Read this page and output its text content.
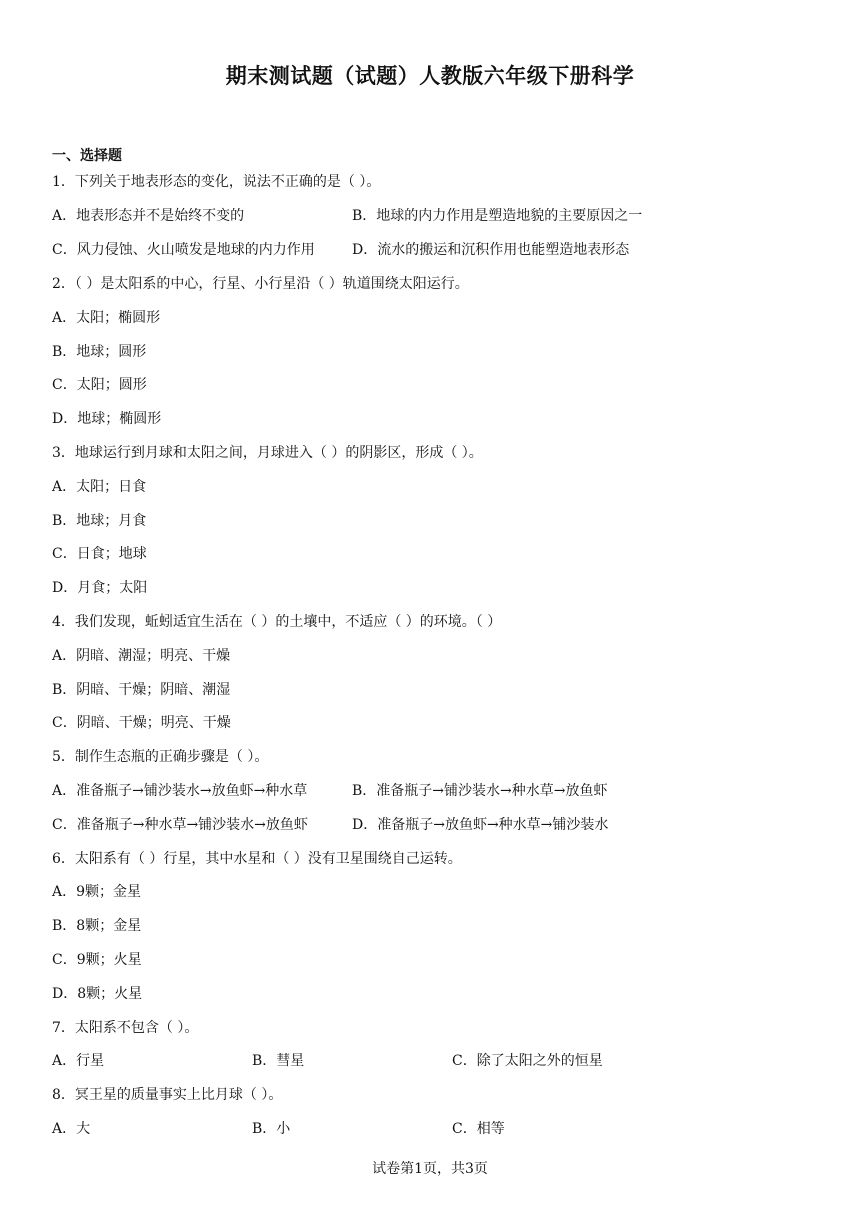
期末测试题（试题）人教版六年级下册科学
一、选择题
1．下列关于地表形态的变化，说法不正确的是（ ）。
A．地表形态并不是始终不变的	B．地球的内力作用是塑造地貌的主要原因之一
C．风力侵蚀、火山喷发是地球的内力作用	D．流水的搬运和沉积作用也能塑造地表形态
2．（ ）是太阳系的中心，行星、小行星沿（ ）轨道围绕太阳运行。
A．太阳；椭圆形
B．地球；圆形
C．太阳；圆形
D．地球；椭圆形
3．地球运行到月球和太阳之间，月球进入（ ）的阴影区，形成（ ）。
A．太阳；日食
B．地球；月食
C．日食；地球
D．月食；太阳
4．我们发现，蚯蚓适宜生活在（ ）的土壤中，不适应（ ）的环境。（ ）
A．阴暗、潮湿；明亮、干燥
B．阴暗、干燥；阴暗、潮湿
C．阴暗、干燥；明亮、干燥
5．制作生态瓶的正确步骤是（ ）。
A．准备瓶子→铺沙装水→放鱼虾→种水草	B．准备瓶子→铺沙装水→种水草→放鱼虾
C．准备瓶子→种水草→铺沙装水→放鱼虾	D．准备瓶子→放鱼虾→种水草→铺沙装水
6．太阳系有（ ）行星，其中水星和（ ）没有卫星围绕自己运转。
A．9颗；金星
B．8颗；金星
C．9颗；火星
D．8颗；火星
7．太阳系不包含（ ）。
A．行星	B．彗星	C．除了太阳之外的恒星
8．冥王星的质量事实上比月球（ ）。
A．大	B．小	C．相等
试卷第1页，共3页
